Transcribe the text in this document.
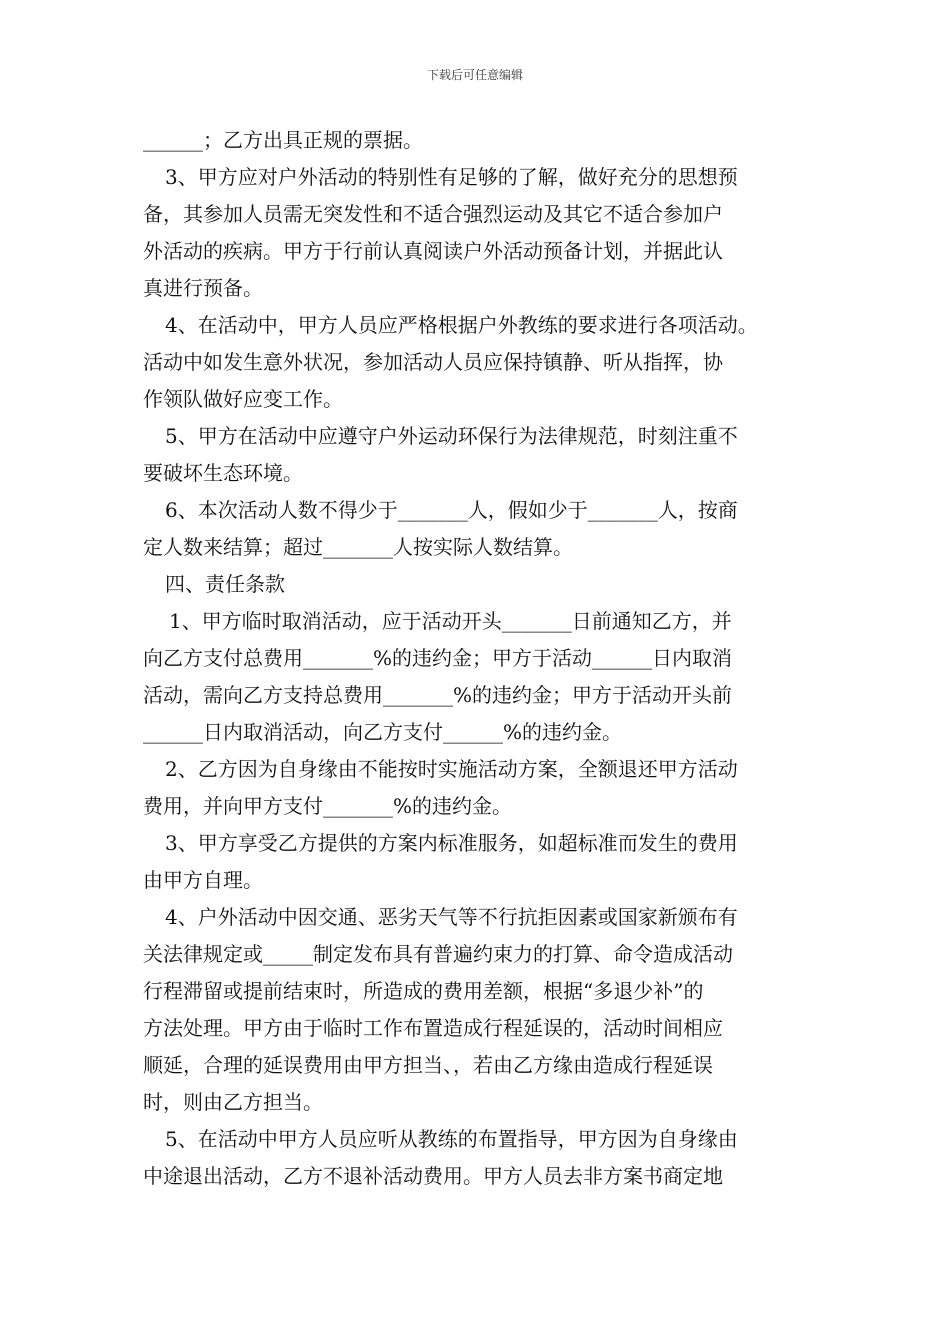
下载后可任意编辑
______；乙方出具正规的票据。
3、甲方应对户外活动的特别性有足够的了解，做好充分的思想预
备，其参加人员需无突发性和不适合强烈运动及其它不适合参加户
外活动的疾病。甲方于行前认真阅读户外活动预备计划，并据此认
真进行预备。
4、在活动中，甲方人员应严格根据户外教练的要求进行各项活动。
活动中如发生意外状况，参加活动人员应保持镇静、听从指挥，协
作领队做好应变工作。
5、甲方在活动中应遵守户外运动环保行为法律规范，时刻注重不
要破坏生态环境。
6、本次活动人数不得少于_______人，假如少于_______人，按商
定人数来结算；超过_______人按实际人数结算。
四、责任条款
1、甲方临时取消活动，应于活动开头_______日前通知乙方，并
向乙方支付总费用_______%的违约金；甲方于活动______日内取消
活动，需向乙方支持总费用_______%的违约金；甲方于活动开头前
______日内取消活动，向乙方支付______%的违约金。
2、乙方因为自身缘由不能按时实施活动方案，全额退还甲方活动
费用，并向甲方支付_______%的违约金。
3、甲方享受乙方提供的方案内标准服务，如超标准而发生的费用
由甲方自理。
4、户外活动中因交通、恶劣天气等不行抗拒因素或国家新颁布有
关法律规定或_____制定发布具有普遍约束力的打算、命令造成活动
行程滞留或提前结束时，所造成的费用差额，根据“多退少补”的
方法处理。甲方由于临时工作布置造成行程延误的，活动时间相应
顺延，合理的延误费用由甲方担当、，若由乙方缘由造成行程延误
时，则由乙方担当。
5、在活动中甲方人员应听从教练的布置指导，甲方因为自身缘由
中途退出活动，乙方不退补活动费用。甲方人员去非方案书商定地
